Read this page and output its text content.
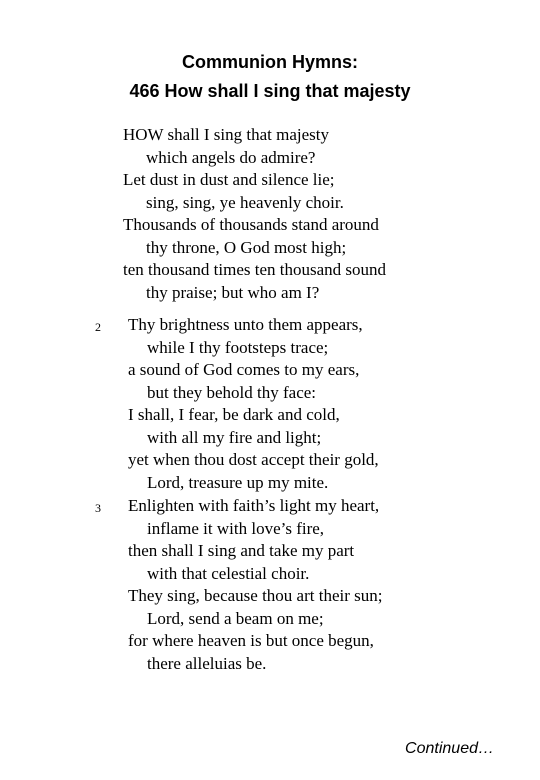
Communion Hymns:
466 How shall I sing that majesty
HOW shall I sing that majesty
which angels do admire?
Let dust in dust and silence lie;
sing, sing, ye heavenly choir.
Thousands of thousands stand around
thy throne, O God most high;
ten thousand times ten thousand sound
thy praise; but who am I?
2 Thy brightness unto them appears,
while I thy footsteps trace;
a sound of God comes to my ears,
but they behold thy face:
I shall, I fear, be dark and cold,
with all my fire and light;
yet when thou dost accept their gold,
Lord, treasure up my mite.
3 Enlighten with faith’s light my heart,
inflame it with love’s fire,
then shall I sing and take my part
with that celestial choir.
They sing, because thou art their sun;
Lord, send a beam on me;
for where heaven is but once begun,
there alleluias be.
Continued…
